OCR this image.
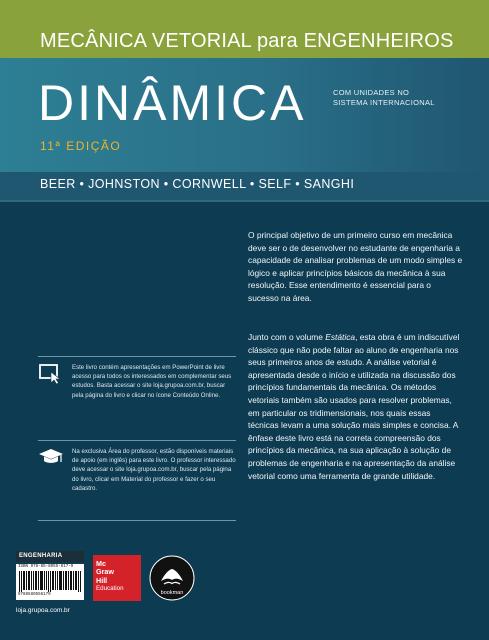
MECÂNICA VETORIAL para ENGENHEIROS
DINÂMICA	COM UNIDADES NO
SISTEMA INTERNACIONAL
11ª EDIÇÃO
BEER • JOHNSTON • CORNWELL • SELF • SANGHI

O principal objetivo de um primeiro curso em mecânica deve ser o de desenvolver no estudante de engenharia a capacidade de analisar problemas de um modo simples e lógico e aplicar princípios básicos da mecânica à sua resolução. Esse entendimento é essencial para o sucesso na área.

Junto com o volume Estática, esta obra é um indiscutível clássico que não pode faltar ao aluno de engenharia nos seus primeiros anos de estudo. A análise vetorial é apresentada desde o início e utilizada na discussão dos princípios fundamentais da mecânica. Os métodos vetoriais também são usados para resolver problemas, em particular os tridimensionais, nos quais essas técnicas levam a uma solução mais simples e concisa. A ênfase deste livro está na correta compreensão dos princípios da mecânica, na sua aplicação à solução de problemas de engenharia e na apresentação da análise vetorial como uma ferramenta de grande utilidade.

Este livro contém apresentações em PowerPoint de livre acesso para todos os interessados em complementar seus estudos. Basta acessar o site loja.grupoa.com.br, buscar pela página do livro e clicar no ícone Conteúdo Online.
Na exclusiva Área do professor, estão disponíveis materiais de apoio (em inglês) para este livro. O professor interessado deve acessar o site loja.grupoa.com.br, buscar pela página do livro, clicar em Material do professor e fazer o seu cadastro.
ENGENHARIA
ISBN 978-85-8055-617-9
9788580556179
Mc
Graw
Hill
Education
bookman
loja.grupoa.com.br
